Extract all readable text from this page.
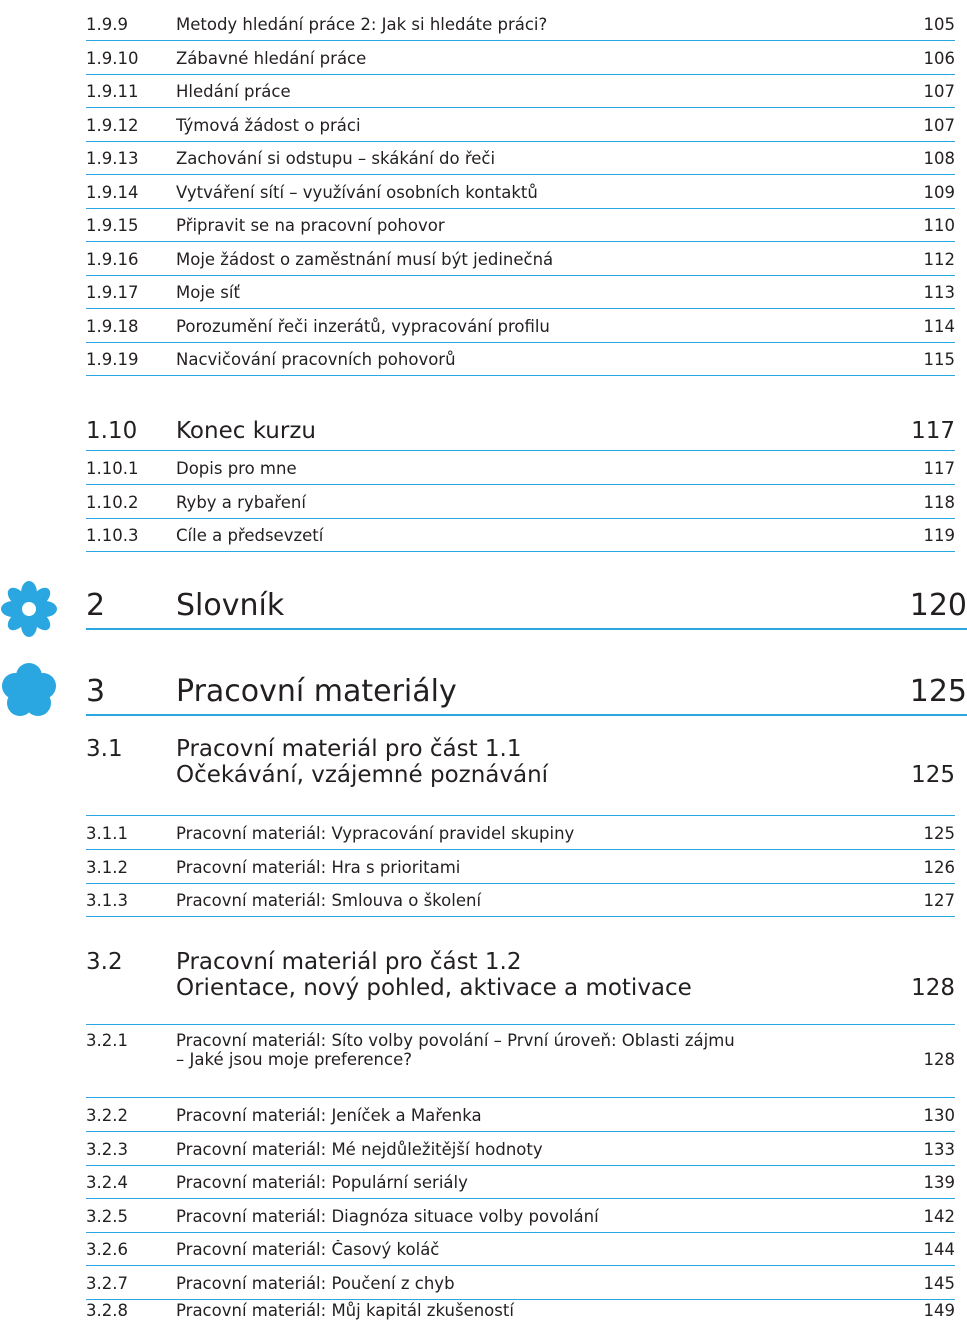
1.9.9	Metody hledání práce 2: Jak si hledáte práci?	105
1.9.10	Zábavné hledání práce	106
1.9.11	Hledání práce	107
1.9.12	Týmová žádost o práci	107
1.9.13	Zachování si odstupu – skákání do řeči	108
1.9.14	Vytváření sítí – využívání osobních kontaktů	109
1.9.15	Připravit se na pracovní pohovor	110
1.9.16	Moje žádost o zaměstnání musí být jedinečná	112
1.9.17	Moje síť	113
1.9.18	Porozumění řeči inzerátů, vypracování profilu	114
1.9.19	Nacvičování pracovních pohovorů	115
1.10	Konec kurzu	117
1.10.1	Dopis pro mne	117
1.10.2	Ryby a rybaření	118
1.10.3	Cíle a předsevzetí	119
2	Slovník	120
3	Pracovní materiály	125
3.1	Pracovní materiál pro část 1.1
Očekávání, vzájemné poznávání	125
3.1.1	Pracovní materiál: Vypracování pravidel skupiny	125
3.1.2	Pracovní materiál: Hra s prioritami	126
3.1.3	Pracovní materiál: Smlouva o školení	127
3.2	Pracovní materiál pro část 1.2
Orientace, nový pohled, aktivace a motivace	128
3.2.1	Pracovní materiál: Síto volby povolání – První úroveň: Oblasti zájmu
– Jaké jsou moje preference?	128
3.2.2	Pracovní materiál: Jeníček a Mařenka	130
3.2.3	Pracovní materiál: Mé nejdůležitější hodnoty	133
3.2.4	Pracovní materiál: Populární seriály	139
3.2.5	Pracovní materiál: Diagnóza situace volby povolání	142
3.2.6	Pracovní materiál: Časový koláč	144
3.2.7	Pracovní materiál: Poučení z chyb	145
3.2.8	Pracovní materiál: Můj kapitál zkušeností	149
